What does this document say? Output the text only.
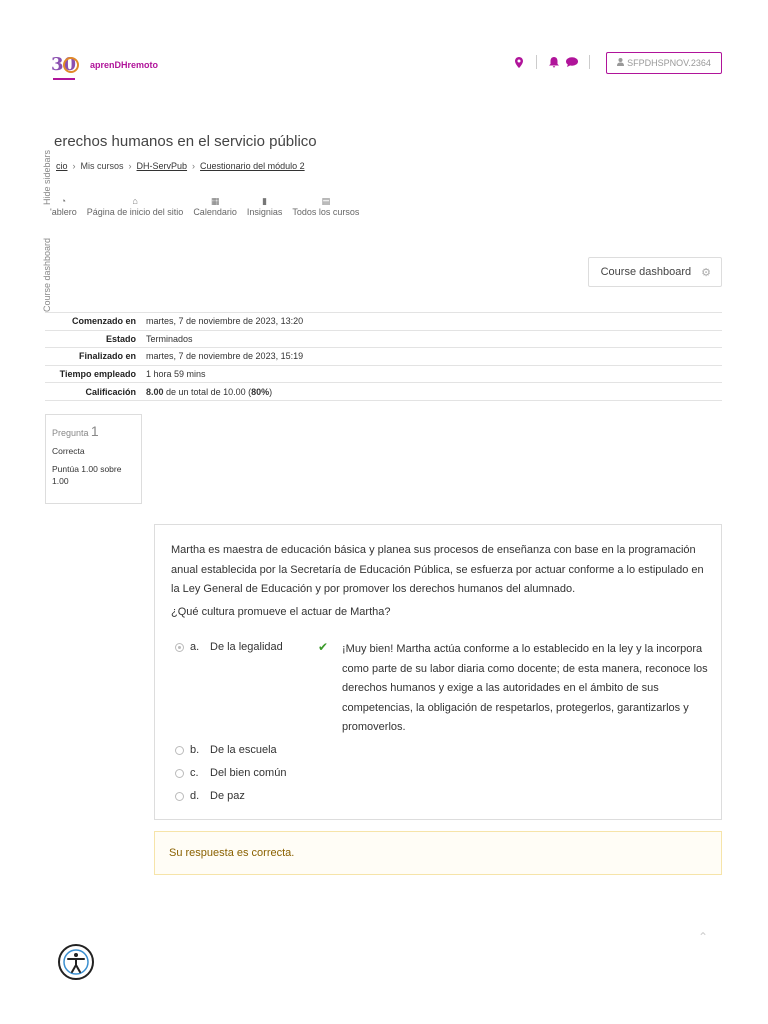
30 aprenDHremoto	SFPDHSPNOV.2364
Hide sidebars
Course dashboard
erechos humanos en el servicio público
cio › Mis cursos › DH-ServPub › Cuestionario del módulo 2
◔
'ablero
⌂
Página de inicio del sitio
▦
Calendario
▮
Insignias
▤
Todos los cursos
Course dashboard ⚙
Comenzado en	martes, 7 de noviembre de 2023, 13:20
Estado	Terminados
Finalizado en	martes, 7 de noviembre de 2023, 15:19
Tiempo empleado	1 hora 59 mins
Calificación	8.00 de un total de 10.00 (80%)
Pregunta 1
Correcta
Puntúa 1.00 sobre 1.00
Martha es maestra de educación básica y planea sus procesos de enseñanza con base en la programación anual establecida por la Secretaría de Educación Pública, se esfuerza por actuar conforme a lo estipulado en la Ley General de Educación y por promover los derechos humanos del alumnado.
¿Qué cultura promueve el actuar de Martha?
a. De la legalidad	✔ ¡Muy bien! Martha actúa conforme a lo establecido en la ley y la incorpora como parte de su labor diaria como docente; de esta manera, reconoce los derechos humanos y exige a las autoridades en el ámbito de sus competencias, la obligación de respetarlos, protegerlos, garantizarlos y promoverlos.
b. De la escuela
c.	Del bien común
d. De paz
Su respuesta es correcta.
⌃
